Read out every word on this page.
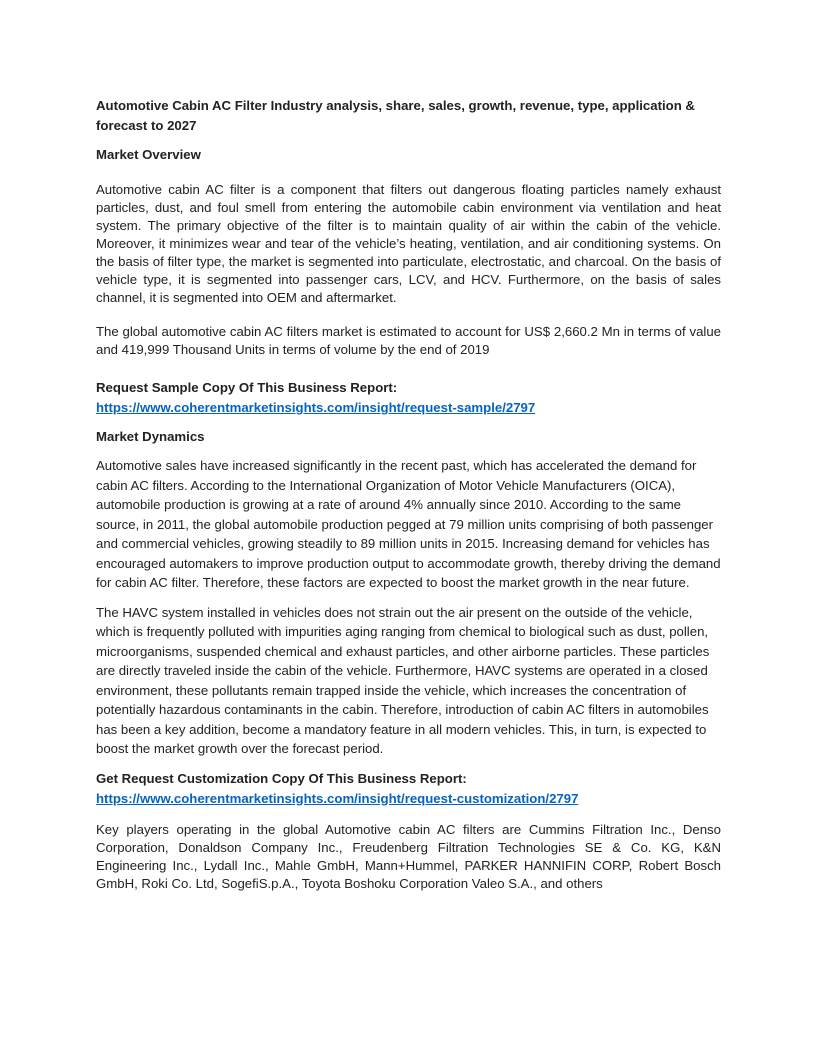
Automotive Cabin AC Filter Industry analysis, share, sales, growth, revenue, type, application & forecast to 2027
Market Overview

Automotive cabin AC filter is a component that filters out dangerous floating particles namely exhaust particles, dust, and foul smell from entering the automobile cabin environment via ventilation and heat system. The primary objective of the filter is to maintain quality of air within the cabin of the vehicle. Moreover, it minimizes wear and tear of the vehicle’s heating, ventilation, and air conditioning systems. On the basis of filter type, the market is segmented into particulate, electrostatic, and charcoal. On the basis of vehicle type, it is segmented into passenger cars, LCV, and HCV. Furthermore, on the basis of sales channel, it is segmented into OEM and aftermarket.

The global automotive cabin AC filters market is estimated to account for US$ 2,660.2 Mn in terms of value and 419,999 Thousand Units in terms of volume by the end of 2019

Request Sample Copy Of This Business Report:
https://www.coherentmarketinsights.com/insight/request-sample/2797
Market Dynamics

Automotive sales have increased significantly in the recent past, which has accelerated the demand for cabin AC filters. According to the International Organization of Motor Vehicle Manufacturers (OICA), automobile production is growing at a rate of around 4% annually since 2010. According to the same source, in 2011, the global automobile production pegged at 79 million units comprising of both passenger and commercial vehicles, growing steadily to 89 million units in 2015. Increasing demand for vehicles has encouraged automakers to improve production output to accommodate growth, thereby driving the demand for cabin AC filter. Therefore, these factors are expected to boost the market growth in the near future.

The HAVC system installed in vehicles does not strain out the air present on the outside of the vehicle, which is frequently polluted with impurities aging ranging from chemical to biological such as dust, pollen, microorganisms, suspended chemical and exhaust particles, and other airborne particles. These particles are directly traveled inside the cabin of the vehicle. Furthermore, HAVC systems are operated in a closed environment, these pollutants remain trapped inside the vehicle, which increases the concentration of potentially hazardous contaminants in the cabin. Therefore, introduction of cabin AC filters in automobiles has been a key addition, become a mandatory feature in all modern vehicles. This, in turn, is expected to boost the market growth over the forecast period.

Get Request Customization Copy Of This Business Report:
https://www.coherentmarketinsights.com/insight/request-customization/2797

Key players operating in the global Automotive cabin AC filters are Cummins Filtration Inc., Denso Corporation, Donaldson Company Inc., Freudenberg Filtration Technologies SE & Co. KG, K&N Engineering Inc., Lydall Inc., Mahle GmbH, Mann+Hummel, PARKER HANNIFIN CORP, Robert Bosch GmbH, Roki Co. Ltd, SogefiS.p.A., Toyota Boshoku Corporation Valeo S.A., and others
